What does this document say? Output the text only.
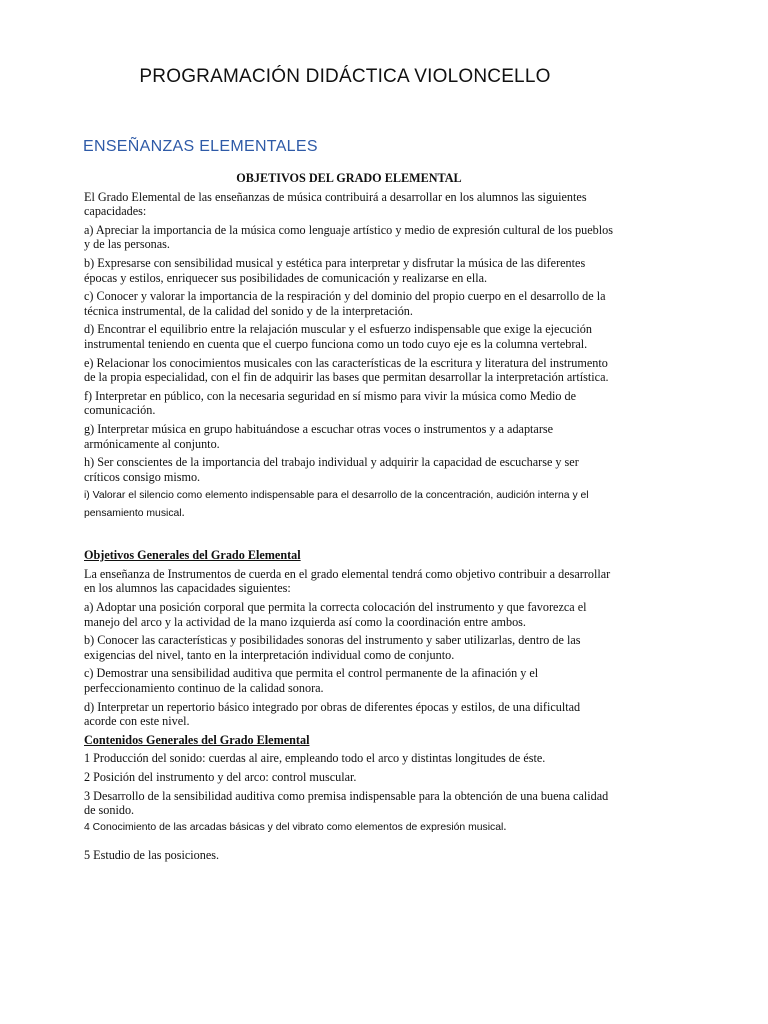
PROGRAMACIÓN DIDÁCTICA VIOLONCELLO
ENSEÑANZAS ELEMENTALES

OBJETIVOS DEL GRADO ELEMENTAL

El Grado Elemental de las enseñanzas de música contribuirá a desarrollar en los alumnos las siguientes capacidades:

a) Apreciar la importancia de la música como lenguaje artístico y medio de expresión cultural de los pueblos y de las personas.

b) Expresarse con sensibilidad musical y estética para interpretar y disfrutar la música de las diferentes épocas y estilos, enriquecer sus posibilidades de comunicación y realizarse en ella.

c) Conocer y valorar la importancia de la respiración y del dominio del propio cuerpo en el desarrollo de la técnica instrumental, de la calidad del sonido y de la interpretación.

d) Encontrar el equilibrio entre la relajación muscular y el esfuerzo indispensable que exige la ejecución instrumental teniendo en cuenta que el cuerpo funciona como un todo cuyo eje es la columna vertebral.

e) Relacionar los conocimientos musicales con las características de la escritura y literatura del instrumento de la propia especialidad, con el fin de adquirir las bases que permitan desarrollar la interpretación artística.

f) Interpretar en público, con la necesaria seguridad en sí mismo para vivir la música como Medio de comunicación.

g) Interpretar música en grupo habituándose a escuchar otras voces o instrumentos y a adaptarse armónicamente al conjunto.

h) Ser conscientes de la importancia del trabajo individual y adquirir la capacidad de escucharse y ser críticos consigo mismo.

i) Valorar el silencio como elemento indispensable para el desarrollo de la concentración, audición interna y el pensamiento musical.

Objetivos Generales del Grado Elemental

La enseñanza de Instrumentos de cuerda en el grado elemental tendrá como objetivo contribuir a desarrollar en los alumnos las capacidades siguientes:

a) Adoptar una posición corporal que permita la correcta colocación del instrumento y que favorezca el manejo del arco y la actividad de la mano izquierda así como la coordinación entre ambos.

b) Conocer las características y posibilidades sonoras del instrumento y saber utilizarlas, dentro de las exigencias del nivel, tanto en la interpretación individual como de conjunto.

c) Demostrar una sensibilidad auditiva que permita el control permanente de la afinación y el perfeccionamiento continuo de la calidad sonora.

d) Interpretar un repertorio básico integrado por obras de diferentes épocas y estilos, de una dificultad acorde con este nivel.

Contenidos Generales del Grado Elemental

1 Producción del sonido: cuerdas al aire, empleando todo el arco y distintas longitudes de éste.

2 Posición del instrumento y del arco: control muscular.

3 Desarrollo de la sensibilidad auditiva como premisa indispensable para la obtención de una buena calidad de sonido.

4 Conocimiento de las arcadas básicas y del vibrato como elementos de expresión musical.

5 Estudio de las posiciones.
